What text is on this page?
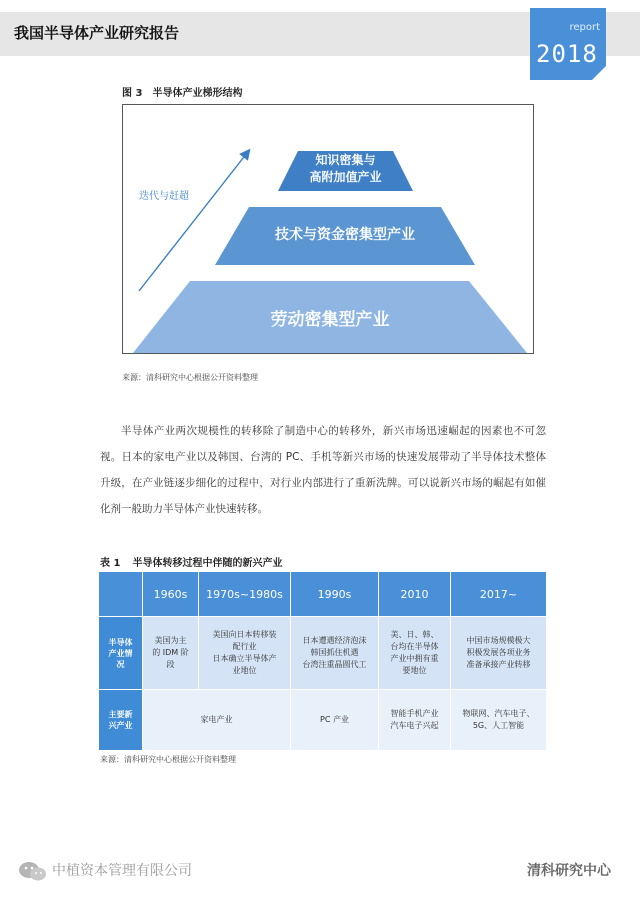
我国半导体产业研究报告	report
2018
图 3 半导体产业梯形结构
迭代与赶超
知识密集与
高附加值产业
技术与资金密集型产业
劳动密集型产业
来源：清科研究中心根据公开资料整理

半导体产业两次规模性的转移除了制造中心的转移外，新兴市场迅速崛起的因素也不可忽视。日本的家电产业以及韩国、台湾的 PC、手机等新兴市场的快速发展带动了半导体技术整体升级，在产业链逐步细化的过程中，对行业内部进行了重新洗牌。可以说新兴市场的崛起有如催化剂一般助力半导体产业快速转移。

表 1 半导体转移过程中伴随的新兴产业
	1960s	1970s~1980s	1990s	2010	2017~
半导体
产业情
况	美国为主
的 IDM 阶
段	美国向日本转移装
配行业
日本确立半导体产
业地位	日本遭遇经济泡沫
韩国抓住机遇
台湾注重晶圆代工	美、日、韩、
台均在半导体
产业中拥有重
要地位	中国市场规模极大
积极发展各项业务
准备承接产业转移
主要新
兴产业	家电产业		PC 产业	智能手机产业
汽车电子兴起	物联网、汽车电子、
5G、人工智能
来源：清科研究中心根据公开资料整理
中植资本管理有限公司	清科研究中心
